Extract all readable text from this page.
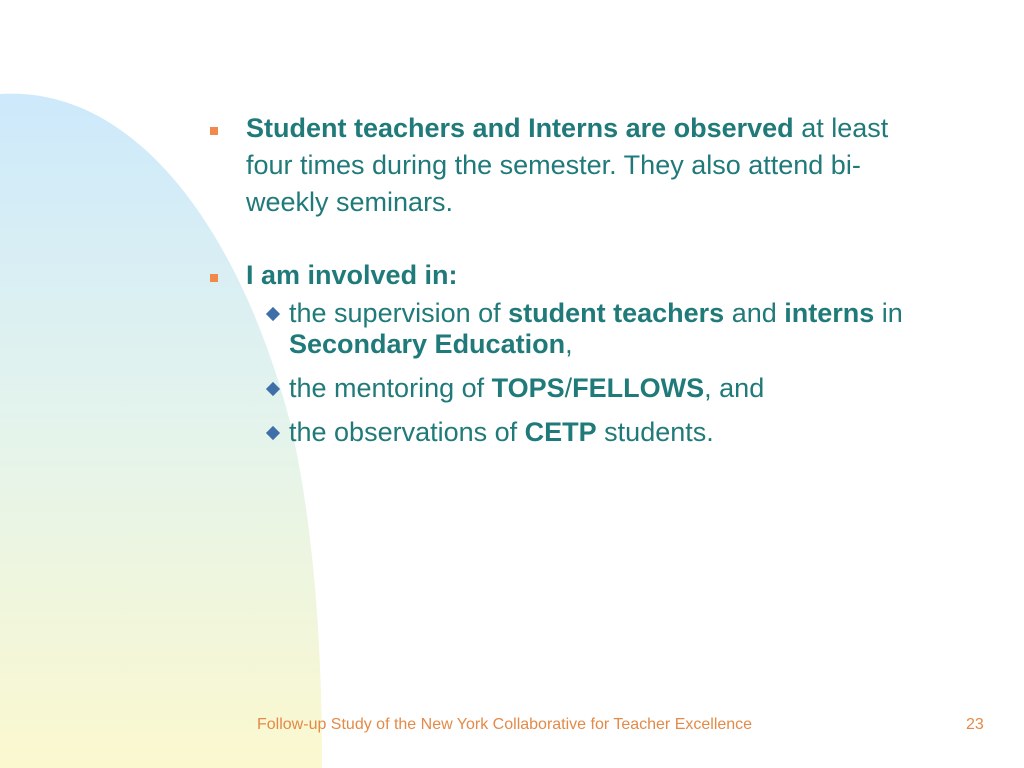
Student teachers and Interns are observed at least four times during the semester. They also attend bi-weekly seminars.
I am involved in:
the supervision of student teachers and interns in Secondary Education,
the mentoring of TOPS/FELLOWS, and
the observations of CETP students.
Follow-up Study of the New York Collaborative for Teacher Excellence	23
